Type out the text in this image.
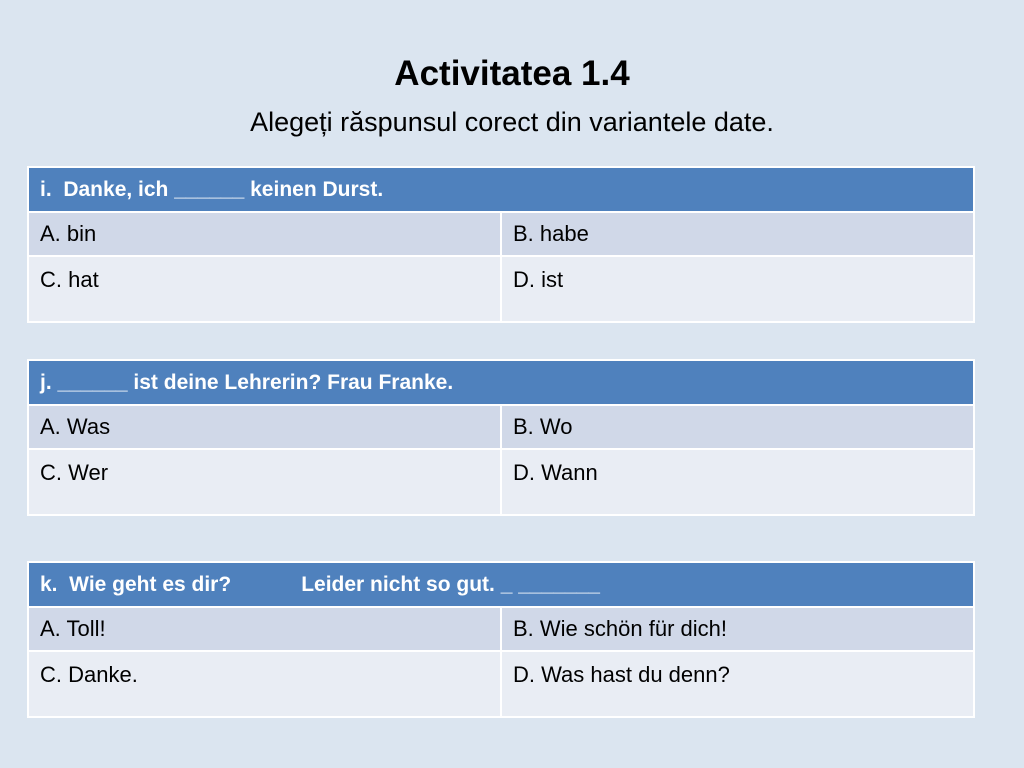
Activitatea 1.4
Alegeți răspunsul corect din variantele date.
i.  Danke, ich ______ keinen Durst.	
A. bin	B. habe
C. hat	D. ist
j. ______ ist deine Lehrerin? Frau Franke.	
A. Was	B. Wo
C. Wer	D. Wann
k.  Wie geht es dir?            Leider nicht so gut. _ _______	
A. Toll!	B. Wie schön für dich!
C. Danke.	D. Was hast du denn?
